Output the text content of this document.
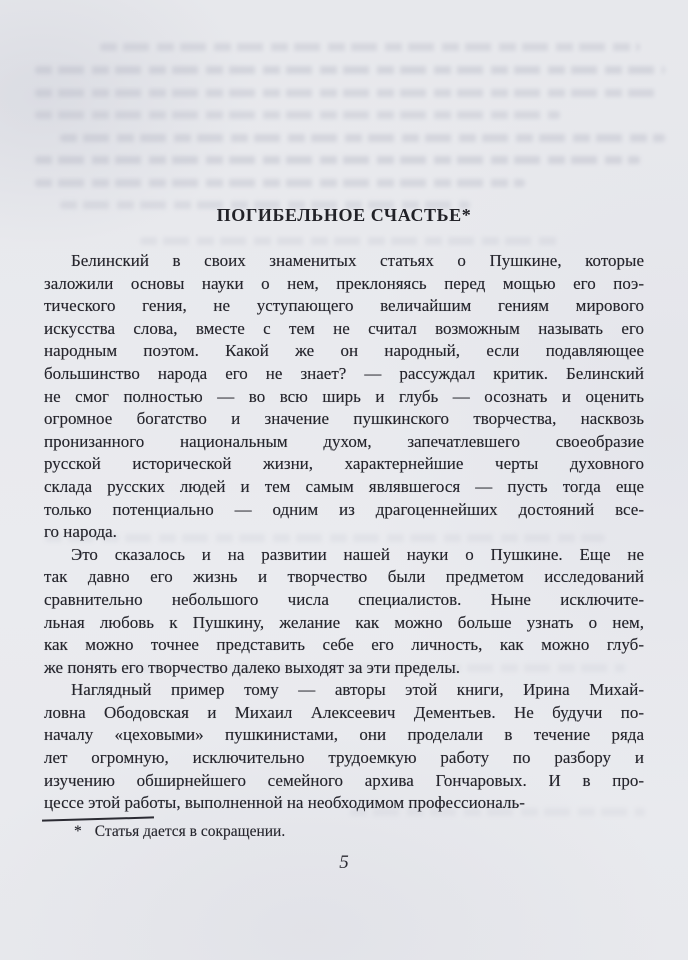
ПОГИБЕЛЬНОЕ СЧАСТЬЕ*
Белинский в своих знаменитых статьях о Пушкине, которые
заложили основы науки о нем, преклоняясь перед мощью его поэ-
тического гения, не уступающего величайшим гениям мирового
искусства слова, вместе с тем не считал возможным называть его
народным поэтом. Какой же он народный, если подавляющее
большинство народа его не знает? — рассуждал критик. Белинский
не смог полностью — во всю ширь и глубь — осознать и оценить
огромное богатство и значение пушкинского творчества, насквозь
пронизанного национальным духом, запечатлевшего своеобразие
русской исторической жизни, характернейшие черты духовного
склада русских людей и тем самым являвшегося — пусть тогда еще
только потенциально — одним из драгоценнейших достояний все-
го народа.
Это сказалось и на развитии нашей науки о Пушкине. Еще не
так давно его жизнь и творчество были предметом исследований
сравнительно небольшого числа специалистов. Ныне исключите-
льная любовь к Пушкину, желание как можно больше узнать о нем,
как можно точнее представить себе его личность, как можно глуб-
же понять его творчество далеко выходят за эти пределы.
Наглядный пример тому — авторы этой книги, Ирина Михай-
ловна Ободовская и Михаил Алексеевич Дементьев. Не будучи по-
началу «цеховыми» пушкинистами, они проделали в течение ряда
лет огромную, исключительно трудоемкую работу по разбору и
изучению обширнейшего семейного архива Гончаровых. И в про-
цессе этой работы, выполненной на необходимом профессиональ-
* Статья дается в сокращении.
5
